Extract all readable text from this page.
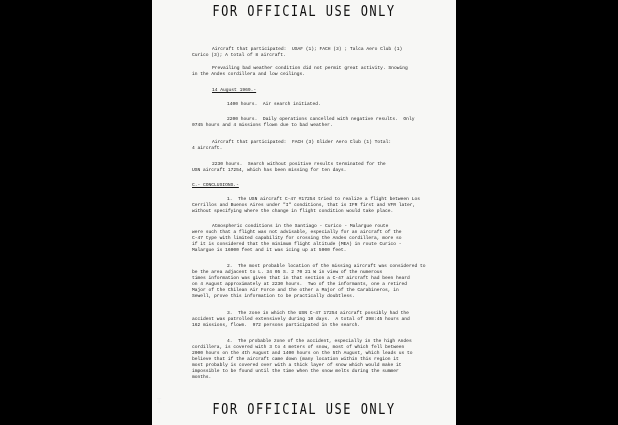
FOR OFFICIAL USE ONLY
Aircraft that participated:  USAF (1); FACH (3) ; Talca Aero Club (1)
Curico (3); A total of 8 aircraft.
Prevailing bad weather condition did not permit great activity. Snowing
in the Andes cordillera and low ceilings.
14 August 1969.-
1400 hours.  Air search initiated.
2200 hours.  Daily operations cancelled with negative results.  Only
0745 hours and 4 missions flown due to bad weather.
Aircraft that participated:  FACH (3) Glider Aero Club (1) Total:
4 aircraft.
2230 hours.  Search without positive results terminated for the
USN aircraft 17254, which has been missing for ten days.
C.- CONCLUSIONS.-
1.  The USN aircraft C-47 #17254 tried to realize a flight between Los
Cerrillos and Buenos Aires under "I" conditions, that is IFR first and VFR later,
without specifying where the change in flight condition would take place.
Atmospheric conditions in the Santiago - Curico - Malargue route
were such that a flight was not advisable, especially for an aircraft of the
C-47 type with limited capability for crossing the Andes cordillera, more so
if it is considered that the minimum flight altitude (MEA) in route Curico -
Malargue is 16000 feet and it was icing up at 5000 feet.
2.  The most probable location of the missing aircraft was considered to
be the area adjacent to L. 34 05 S. 2 70 21 W in view of the numerous
times information was given that in that section a C-47 aircraft had been heard
on 4 August approximately at 2230 hours.  Two of the informants, one a retired
Major of the Chilean Air Force and the other a Major of the Carabineros, in
Sewell, prove this information to be practically doubtless.
3.  The zone in which the USN C-47 17254 aircraft possibly had the
accident was patrolled extensively during 10 days.  A total of 398:45 hours and
162 missions, flown.  972 persons participated in the search.
4.  The probable zone of the accident, especially in the high Andes
cordillera, is covered with 3 to 4 meters of snow, most of which fell between
2000 hours on the 4th August and 1400 hours on the 5th August, which leads us to
believe that if the aircraft came down (many location within this region it
most probably is covered over with a thick layer of snow which would make it
impossible to be found until the time when the snow melts during the summer
months.
FOR OFFICIAL USE ONLY
T
